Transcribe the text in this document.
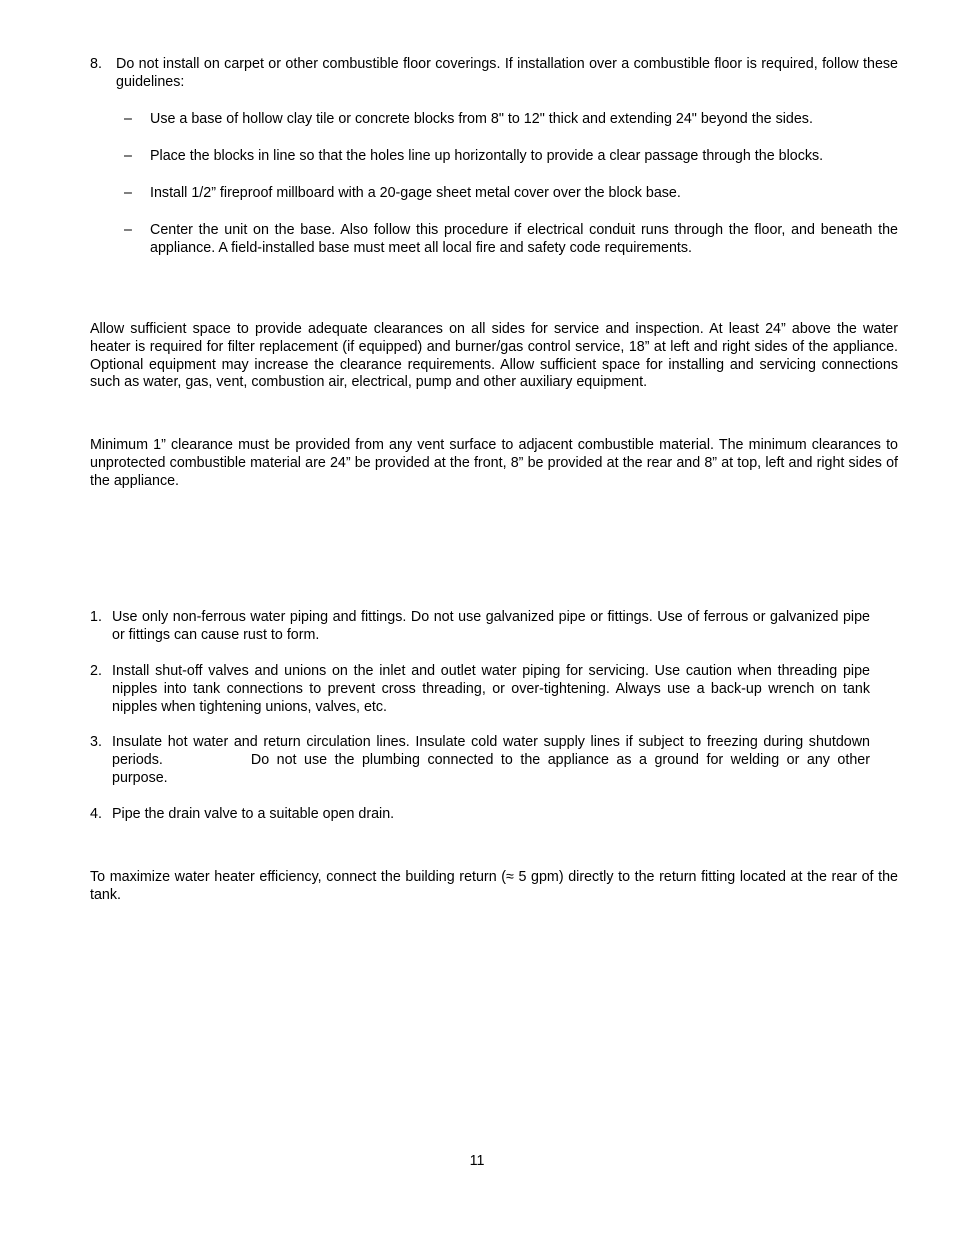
8. Do not install on carpet or other combustible floor coverings. If installation over a combustible floor is required, follow these guidelines:
–	Use a base of hollow clay tile or concrete blocks from 8" to 12" thick and extending 24" beyond the sides.
–	Place the blocks in line so that the holes line up horizontally to provide a clear passage through the blocks.
–	Install 1/2” fireproof millboard with a 20-gage sheet metal cover over the block base.
–	Center the unit on the base. Also follow this procedure if electrical conduit runs through the floor, and beneath the appliance. A field-installed base must meet all local fire and safety code requirements.
Allow sufficient space to provide adequate clearances on all sides for service and inspection. At least 24” above the water heater is required for filter replacement (if equipped) and burner/gas control service, 18” at left and right sides of the appliance. Optional equipment may increase the clearance requirements. Allow sufficient space for installing and servicing connections such as water, gas, vent, combustion air, electrical, pump and other auxiliary equipment.
Minimum 1” clearance must be provided from any vent surface to adjacent combustible material. The minimum clearances to unprotected combustible material are 24” be provided at the front, 8” be provided at the rear and 8” at top, left and right sides of the appliance.
1. Use only non-ferrous water piping and fittings. Do not use galvanized pipe or fittings. Use of ferrous or galvanized pipe or fittings can cause rust to form.
2. Install shut-off valves and unions on the inlet and outlet water piping for servicing. Use caution when threading pipe nipples into tank connections to prevent cross threading, or over-tightening. Always use a back-up wrench on tank nipples when tightening unions, valves, etc.
3. Insulate hot water and return circulation lines. Insulate cold water supply lines if subject to freezing during shutdown periods.	Do not use the plumbing connected to the appliance as a ground for welding or any other purpose.
4. Pipe the drain valve to a suitable open drain.
To maximize water heater efficiency, connect the building return (≈ 5 gpm) directly to the return fitting located at the rear of the tank.
11
